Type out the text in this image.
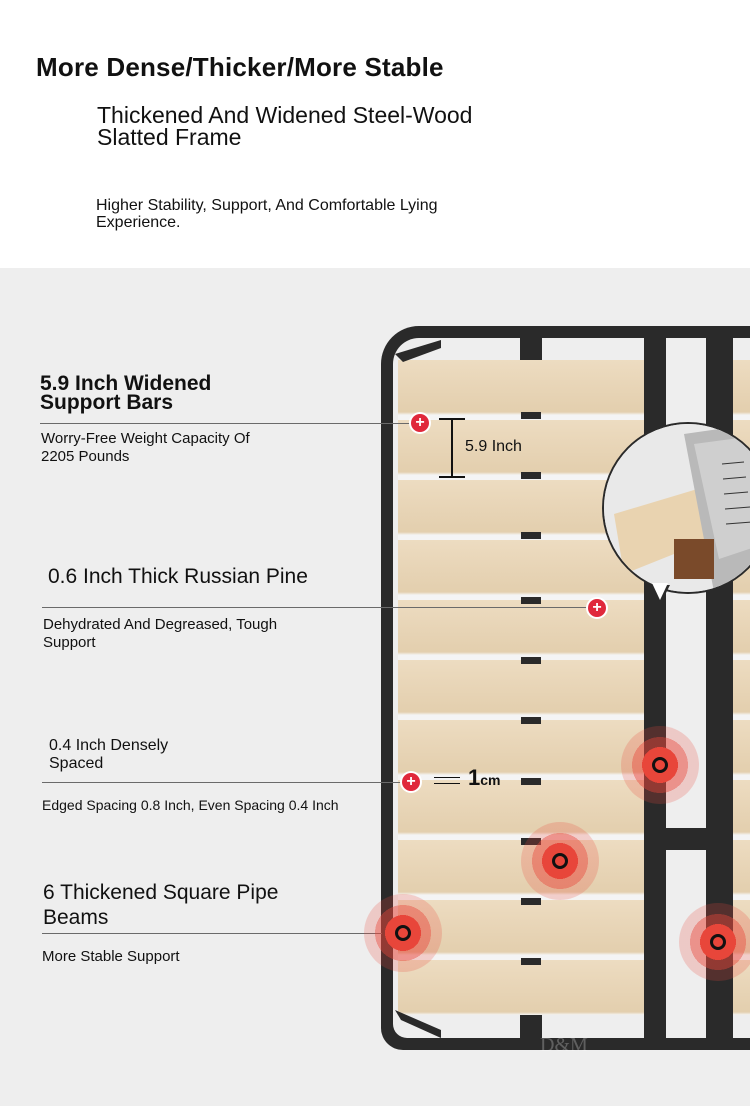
More Dense/Thicker/More Stable
Thickened And Widened Steel-Wood Slatted Frame
Higher Stability, Support, And Comfortable Lying Experience.
5.9 Inch Widened Support Bars
Worry-Free Weight Capacity Of 2205 Pounds
+
5.9 Inch
0.6 Inch Thick Russian Pine
Dehydrated And Degreased, Tough Support
+
0.4 Inch Densely Spaced
Edged Spacing 0.8 Inch, Even Spacing 0.4 Inch
+ 1cm
6 Thickened Square Pipe Beams
More Stable Support
D&M
